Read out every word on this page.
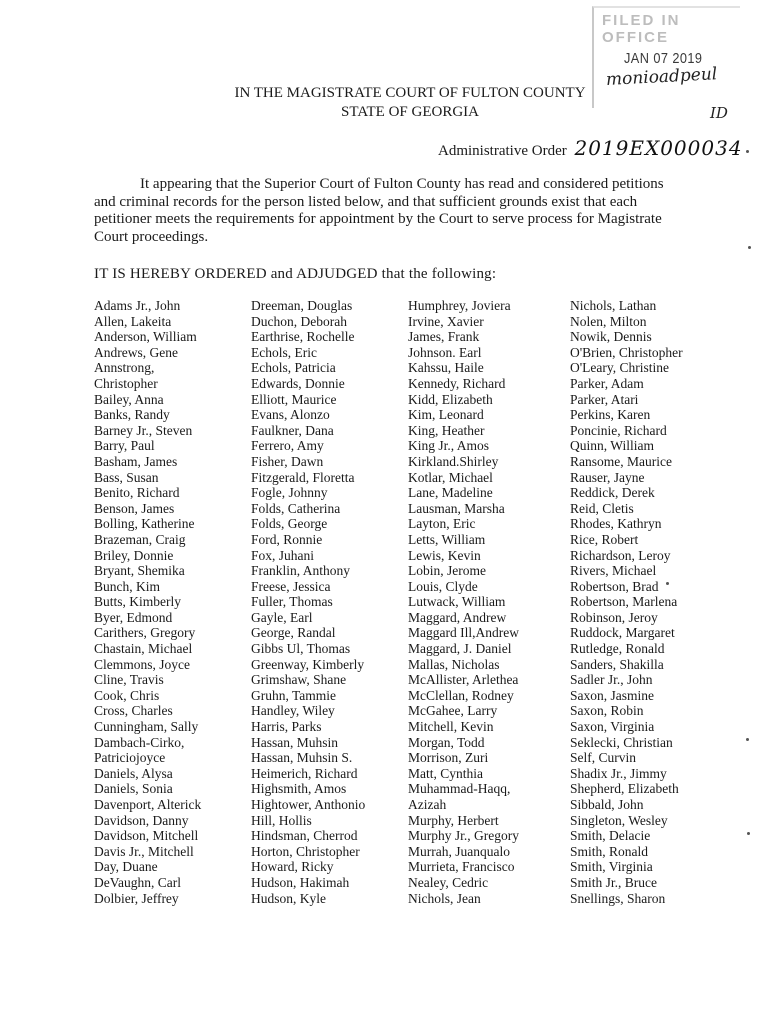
FILED IN OFFICE
JAN 07 2019
monioadpeul
ID
IN THE MAGISTRATE COURT OF FULTON COUNTY
STATE OF GEORGIA
Administrative Order 2019EX000034
It appearing that the Superior Court of Fulton County has read and considered petitions and criminal records for the person listed below, and that sufficient grounds exist that each petitioner meets the requirements for appointment by the Court to serve process for Magistrate Court proceedings.
IT IS HEREBY ORDERED and ADJUDGED that the following:
Adams Jr., John
Allen, Lakeita
Anderson, William
Andrews, Gene
Annstrong,
Christopher
Bailey, Anna
Banks, Randy
Barney Jr., Steven
Barry, Paul
Basham, James
Bass, Susan
Benito, Richard
Benson, James
Bolling, Katherine
Brazeman, Craig
Briley, Donnie
Bryant, Shemika
Bunch, Kim
Butts, Kimberly
Byer, Edmond
Carithers, Gregory
Chastain, Michael
Clemmons, Joyce
Cline, Travis
Cook, Chris
Cross, Charles
Cunningham, Sally
Dambach-Cirko,
Patriciojoyce
Daniels, Alysa
Daniels, Sonia
Davenport, Alterick
Davidson, Danny
Davidson, Mitchell
Davis Jr., Mitchell
Day, Duane
DeVaughn, Carl
Dolbier, Jeffrey
Dreeman, Douglas
Duchon, Deborah
Earthrise, Rochelle
Echols, Eric
Echols, Patricia
Edwards, Donnie
Elliott, Maurice
Evans, Alonzo
Faulkner, Dana
Ferrero, Amy
Fisher, Dawn
Fitzgerald, Floretta
Fogle, Johnny
Folds, Catherina
Folds, George
Ford, Ronnie
Fox, Juhani
Franklin, Anthony
Freese, Jessica
Fuller, Thomas
Gayle, Earl
George, Randal
Gibbs Ul, Thomas
Greenway, Kimberly
Grimshaw, Shane
Gruhn, Tammie
Handley, Wiley
Harris, Parks
Hassan, Muhsin
Hassan, Muhsin S.
Heimerich, Richard
Highsmith, Amos
Hightower, Anthonio
Hill, Hollis
Hindsman, Cherrod
Horton, Christopher
Howard, Ricky
Hudson, Hakimah
Hudson, Kyle
Humphrey, Joviera
Irvine, Xavier
James, Frank
Johnson. Earl
Kahssu, Haile
Kennedy, Richard
Kidd, Elizabeth
Kim, Leonard
King, Heather
King Jr., Amos
Kirkland.Shirley
Kotlar, Michael
Lane, Madeline
Lausman, Marsha
Layton, Eric
Letts, William
Lewis, Kevin
Lobin, Jerome
Louis, Clyde
Lutwack, William
Maggard, Andrew
Maggard Ill,Andrew
Maggard, J. Daniel
Mallas, Nicholas
McAllister, Arlethea
McClellan, Rodney
McGahee, Larry
Mitchell, Kevin
Morgan, Todd
Morrison, Zuri
Matt, Cynthia
Muhammad-Haqq,
Azizah
Murphy, Herbert
Murphy Jr., Gregory
Murrah, Juanqualo
Murrieta, Francisco
Nealey, Cedric
Nichols, Jean
Nichols, Lathan
Nolen, Milton
Nowik, Dennis
O'Brien, Christopher
O'Leary, Christine
Parker, Adam
Parker, Atari
Perkins, Karen
Poncinie, Richard
Quinn, William
Ransome, Maurice
Rauser, Jayne
Reddick, Derek
Reid, Cletis
Rhodes, Kathryn
Rice, Robert
Richardson, Leroy
Rivers, Michael
Robertson, Brad
Robertson, Marlena
Robinson, Jeroy
Ruddock, Margaret
Rutledge, Ronald
Sanders, Shakilla
Sadler Jr., John
Saxon, Jasmine
Saxon, Robin
Saxon, Virginia
Seklecki, Christian
Self, Curvin
Shadix Jr., Jimmy
Shepherd, Elizabeth
Sibbald, John
Singleton, Wesley
Smith, Delacie
Smith, Ronald
Smith, Virginia
Smith Jr., Bruce
Snellings, Sharon
